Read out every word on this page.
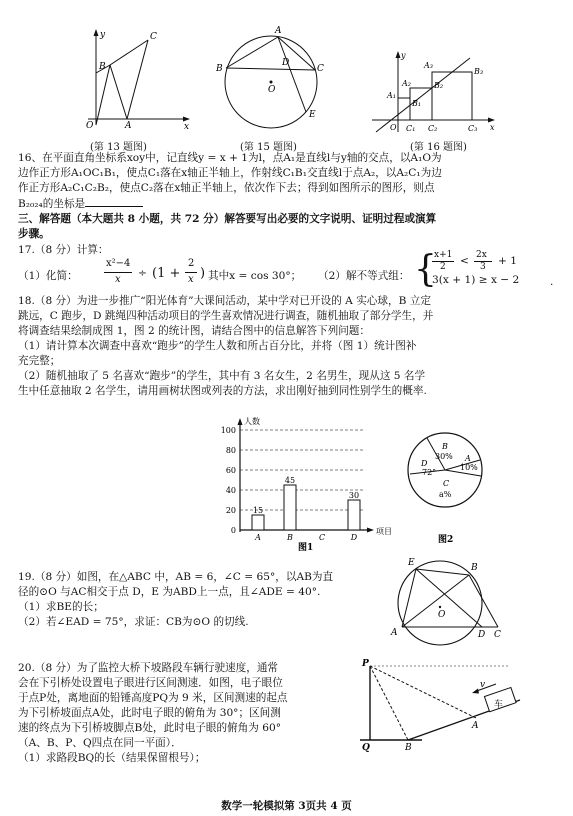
y	C
B
O	A	x
(第 13 题图)
A
B
D
C
O
E
(第 15 题图)
y
A₃
B₃
A₂	B₂
A₁
B₁
C₁ C₂	C₃
O	x
(第 16 题图)
16、在平面直角坐标系xoy中，记直线y = x + 1为l，点A₁是直线l与y轴的交点，以A₁O为
边作正方形A₁OC₁B₁，使点C₁落在x轴正半轴上，作射线C₁B₁交直线l于点A₂，以A₂C₁为边
作正方形A₂C₁C₂B₂，使点C₂落在x轴正半轴上，依次作下去；得到如图所示的图形，则点
B₂₀₂₄的坐标是
三、解答题（本大题共 8 小题，共 72 分）解答要写出必要的文字说明、证明过程或演算
步骤。
17.（8 分）计算：
（1）化简：
x²−4
x
÷ (1 +
2
x ) 其中x = cos 30°； （2）解不等式组： {
x+1
2 < 2x
3 + 1
3(x + 1) ≥ x − 2	.
18.（8 分）为进一步推广“阳光体育”大课间活动，某中学对已开设的 A 实心球，B 立定
跳远，C 跑步，D 跳绳四种活动项目的学生喜欢情况进行调查，随机抽取了部分学生，并
将调查结果绘制成图 1，图 2 的统计图，请结合图中的信息解答下列问题：
（1）请计算本次调查中喜欢“跑步”的学生人数和所占百分比，并将（图 1）统计图补
充完整；
（2）随机抽取了 5 名喜欢“跑步”的学生，其中有 3 名女生，2 名男生，现从这 5 名学
生中任意抽取 2 名学生，请用画树状图或列表的方法，求出刚好抽到同性别学生的概率.
0
20
40
60
80
100
人数
项目
15
A
45
B	C
30
D
图1
B
30% A
10%
D
72°
C
a%
图2
19.（8 分）如图，在△ABC 中，AB = 6，∠C = 65°，以AB为直
径的⊙O 与AC相交于点 D，E 为ABD上一点，且∠ADE = 40°.
（1）求BE的长；
（2）若∠EAD = 75°，求证：CB为⊙O 的切线.
E	B
O
A	D C
20.（8 分）为了监控大桥下坡路段车辆行驶速度，通常
会在下引桥处设置电子眼进行区间测速．如图，电子眼位
于点P处，离地面的铅锤高度PQ为 9 米，区间测速的起点
为下引桥坡面点A处，此时电子眼的俯角为 30°；区间测
速的终点为下引桥坡脚点B处，此时电子眼的俯角为 60°
（A、B、P、Q四点在同一平面）．
（1）求路段BQ的长（结果保留根号）；
车
v
P
A
Q	B
数学一轮模拟第 3页共 4 页
